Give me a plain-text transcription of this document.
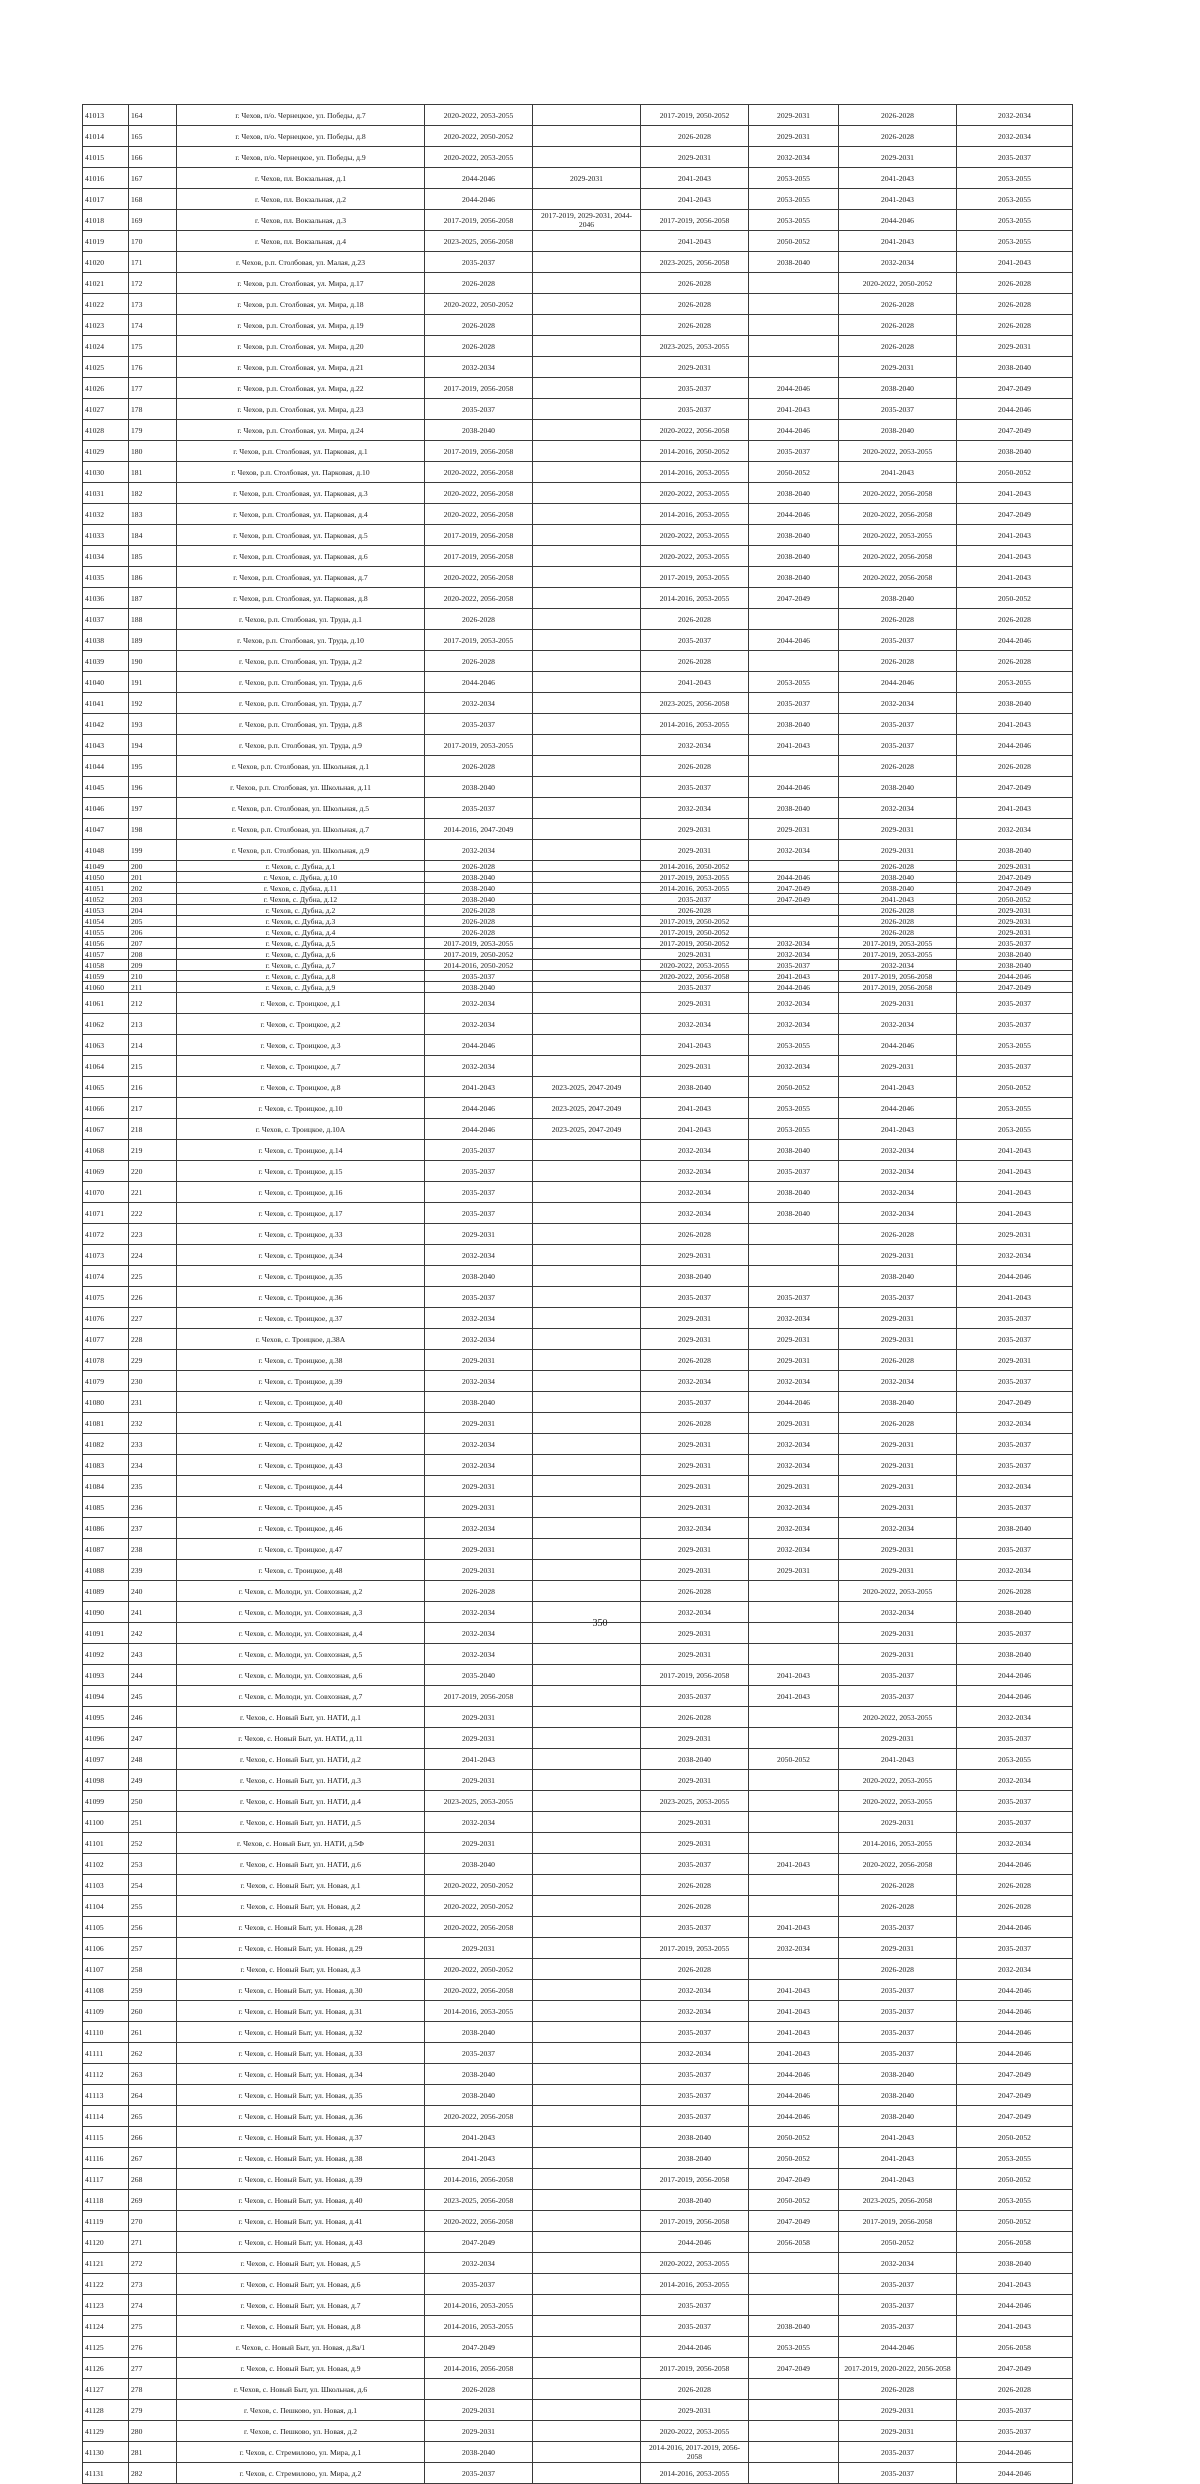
41013	164	г. Чехов, п/о. Чернецкое, ул. Победы, д.7	2020-2022, 2053-2055		2017-2019, 2050-2052	2029-2031	2026-2028	2032-2034
41014	165	г. Чехов, п/о. Чернецкое, ул. Победы, д.8	2020-2022, 2050-2052		2026-2028	2029-2031	2026-2028	2032-2034
41015	166	г. Чехов, п/о. Чернецкое, ул. Победы, д.9	2020-2022, 2053-2055		2029-2031	2032-2034	2029-2031	2035-2037
41016	167	г. Чехов, пл. Вокзальная, д.1	2044-2046	2029-2031	2041-2043	2053-2055	2041-2043	2053-2055
41017	168	г. Чехов, пл. Вокзальная, д.2	2044-2046		2041-2043	2053-2055	2041-2043	2053-2055
41018	169	г. Чехов, пл. Вокзальная, д.3	2017-2019, 2056-2058	2017-2019, 2029-2031, 2044-2046	2017-2019, 2056-2058	2053-2055	2044-2046	2053-2055
41019	170	г. Чехов, пл. Вокзальная, д.4	2023-2025, 2056-2058		2041-2043	2050-2052	2041-2043	2053-2055
41020	171	г. Чехов, р.п. Столбовая, ул. Малая, д.23	2035-2037		2023-2025, 2056-2058	2038-2040	2032-2034	2041-2043
41021	172	г. Чехов, р.п. Столбовая, ул. Мира, д.17	2026-2028		2026-2028		2020-2022, 2050-2052	2026-2028
41022	173	г. Чехов, р.п. Столбовая, ул. Мира, д.18	2020-2022, 2050-2052		2026-2028		2026-2028	2026-2028
41023	174	г. Чехов, р.п. Столбовая, ул. Мира, д.19	2026-2028		2026-2028		2026-2028	2026-2028
41024	175	г. Чехов, р.п. Столбовая, ул. Мира, д.20	2026-2028		2023-2025, 2053-2055		2026-2028	2029-2031
41025	176	г. Чехов, р.п. Столбовая, ул. Мира, д.21	2032-2034		2029-2031		2029-2031	2038-2040
41026	177	г. Чехов, р.п. Столбовая, ул. Мира, д.22	2017-2019, 2056-2058		2035-2037	2044-2046	2038-2040	2047-2049
41027	178	г. Чехов, р.п. Столбовая, ул. Мира, д.23	2035-2037		2035-2037	2041-2043	2035-2037	2044-2046
41028	179	г. Чехов, р.п. Столбовая, ул. Мира, д.24	2038-2040		2020-2022, 2056-2058	2044-2046	2038-2040	2047-2049
41029	180	г. Чехов, р.п. Столбовая, ул. Парковая, д.1	2017-2019, 2056-2058		2014-2016, 2050-2052	2035-2037	2020-2022, 2053-2055	2038-2040
41030	181	г. Чехов, р.п. Столбовая, ул. Парковая, д.10	2020-2022, 2056-2058		2014-2016, 2053-2055	2050-2052	2041-2043	2050-2052
41031	182	г. Чехов, р.п. Столбовая, ул. Парковая, д.3	2020-2022, 2056-2058		2020-2022, 2053-2055	2038-2040	2020-2022, 2056-2058	2041-2043
41032	183	г. Чехов, р.п. Столбовая, ул. Парковая, д.4	2020-2022, 2056-2058		2014-2016, 2053-2055	2044-2046	2020-2022, 2056-2058	2047-2049
41033	184	г. Чехов, р.п. Столбовая, ул. Парковая, д.5	2017-2019, 2056-2058		2020-2022, 2053-2055	2038-2040	2020-2022, 2053-2055	2041-2043
41034	185	г. Чехов, р.п. Столбовая, ул. Парковая, д.6	2017-2019, 2056-2058		2020-2022, 2053-2055	2038-2040	2020-2022, 2056-2058	2041-2043
41035	186	г. Чехов, р.п. Столбовая, ул. Парковая, д.7	2020-2022, 2056-2058		2017-2019, 2053-2055	2038-2040	2020-2022, 2056-2058	2041-2043
41036	187	г. Чехов, р.п. Столбовая, ул. Парковая, д.8	2020-2022, 2056-2058		2014-2016, 2053-2055	2047-2049	2038-2040	2050-2052
41037	188	г. Чехов, р.п. Столбовая, ул. Труда, д.1	2026-2028		2026-2028		2026-2028	2026-2028
41038	189	г. Чехов, р.п. Столбовая, ул. Труда, д.10	2017-2019, 2053-2055		2035-2037	2044-2046	2035-2037	2044-2046
41039	190	г. Чехов, р.п. Столбовая, ул. Труда, д.2	2026-2028		2026-2028		2026-2028	2026-2028
41040	191	г. Чехов, р.п. Столбовая, ул. Труда, д.6	2044-2046		2041-2043	2053-2055	2044-2046	2053-2055
41041	192	г. Чехов, р.п. Столбовая, ул. Труда, д.7	2032-2034		2023-2025, 2056-2058	2035-2037	2032-2034	2038-2040
41042	193	г. Чехов, р.п. Столбовая, ул. Труда, д.8	2035-2037		2014-2016, 2053-2055	2038-2040	2035-2037	2041-2043
41043	194	г. Чехов, р.п. Столбовая, ул. Труда, д.9	2017-2019, 2053-2055		2032-2034	2041-2043	2035-2037	2044-2046
41044	195	г. Чехов, р.п. Столбовая, ул. Школьная, д.1	2026-2028		2026-2028		2026-2028	2026-2028
41045	196	г. Чехов, р.п. Столбовая, ул. Школьная, д.11	2038-2040		2035-2037	2044-2046	2038-2040	2047-2049
41046	197	г. Чехов, р.п. Столбовая, ул. Школьная, д.5	2035-2037		2032-2034	2038-2040	2032-2034	2041-2043
41047	198	г. Чехов, р.п. Столбовая, ул. Школьная, д.7	2014-2016, 2047-2049		2029-2031	2029-2031	2029-2031	2032-2034
41048	199	г. Чехов, р.п. Столбовая, ул. Школьная, д.9	2032-2034		2029-2031	2032-2034	2029-2031	2038-2040
41049	200	г. Чехов, с. Дубна, д.1	2026-2028		2014-2016, 2050-2052		2026-2028	2029-2031
41050	201	г. Чехов, с. Дубна, д.10	2038-2040		2017-2019, 2053-2055	2044-2046	2038-2040	2047-2049
41051	202	г. Чехов, с. Дубна, д.11	2038-2040		2014-2016, 2053-2055	2047-2049	2038-2040	2047-2049
41052	203	г. Чехов, с. Дубна, д.12	2038-2040		2035-2037	2047-2049	2041-2043	2050-2052
41053	204	г. Чехов, с. Дубна, д.2	2026-2028		2026-2028		2026-2028	2029-2031
41054	205	г. Чехов, с. Дубна, д.3	2026-2028		2017-2019, 2050-2052		2026-2028	2029-2031
41055	206	г. Чехов, с. Дубна, д.4	2026-2028		2017-2019, 2050-2052		2026-2028	2029-2031
41056	207	г. Чехов, с. Дубна, д.5	2017-2019, 2053-2055		2017-2019, 2050-2052	2032-2034	2017-2019, 2053-2055	2035-2037
41057	208	г. Чехов, с. Дубна, д.6	2017-2019, 2050-2052		2029-2031	2032-2034	2017-2019, 2053-2055	2038-2040
41058	209	г. Чехов, с. Дубна, д.7	2014-2016, 2050-2052		2020-2022, 2053-2055	2035-2037	2032-2034	2038-2040
41059	210	г. Чехов, с. Дубна, д.8	2035-2037		2020-2022, 2056-2058	2041-2043	2017-2019, 2056-2058	2044-2046
41060	211	г. Чехов, с. Дубна, д.9	2038-2040		2035-2037	2044-2046	2017-2019, 2056-2058	2047-2049
41061	212	г. Чехов, с. Троицкое, д.1	2032-2034		2029-2031	2032-2034	2029-2031	2035-2037
41062	213	г. Чехов, с. Троицкое, д.2	2032-2034		2032-2034	2032-2034	2032-2034	2035-2037
41063	214	г. Чехов, с. Троицкое, д.3	2044-2046		2041-2043	2053-2055	2044-2046	2053-2055
41064	215	г. Чехов, с. Троицкое, д.7	2032-2034		2029-2031	2032-2034	2029-2031	2035-2037
41065	216	г. Чехов, с. Троицкое, д.8	2041-2043	2023-2025, 2047-2049	2038-2040	2050-2052	2041-2043	2050-2052
41066	217	г. Чехов, с. Троицкое, д.10	2044-2046	2023-2025, 2047-2049	2041-2043	2053-2055	2044-2046	2053-2055
41067	218	г. Чехов, с. Троицкое, д.10А	2044-2046	2023-2025, 2047-2049	2041-2043	2053-2055	2041-2043	2053-2055
41068	219	г. Чехов, с. Троицкое, д.14	2035-2037		2032-2034	2038-2040	2032-2034	2041-2043
41069	220	г. Чехов, с. Троицкое, д.15	2035-2037		2032-2034	2035-2037	2032-2034	2041-2043
41070	221	г. Чехов, с. Троицкое, д.16	2035-2037		2032-2034	2038-2040	2032-2034	2041-2043
41071	222	г. Чехов, с. Троицкое, д.17	2035-2037		2032-2034	2038-2040	2032-2034	2041-2043
41072	223	г. Чехов, с. Троицкое, д.33	2029-2031		2026-2028		2026-2028	2029-2031
41073	224	г. Чехов, с. Троицкое, д.34	2032-2034		2029-2031		2029-2031	2032-2034
41074	225	г. Чехов, с. Троицкое, д.35	2038-2040		2038-2040		2038-2040	2044-2046
41075	226	г. Чехов, с. Троицкое, д.36	2035-2037		2035-2037	2035-2037	2035-2037	2041-2043
41076	227	г. Чехов, с. Троицкое, д.37	2032-2034		2029-2031	2032-2034	2029-2031	2035-2037
41077	228	г. Чехов, с. Троицкое, д.38А	2032-2034		2029-2031	2029-2031	2029-2031	2035-2037
41078	229	г. Чехов, с. Троицкое, д.38	2029-2031		2026-2028	2029-2031	2026-2028	2029-2031
41079	230	г. Чехов, с. Троицкое, д.39	2032-2034		2032-2034	2032-2034	2032-2034	2035-2037
41080	231	г. Чехов, с. Троицкое, д.40	2038-2040		2035-2037	2044-2046	2038-2040	2047-2049
41081	232	г. Чехов, с. Троицкое, д.41	2029-2031		2026-2028	2029-2031	2026-2028	2032-2034
41082	233	г. Чехов, с. Троицкое, д.42	2032-2034		2029-2031	2032-2034	2029-2031	2035-2037
41083	234	г. Чехов, с. Троицкое, д.43	2032-2034		2029-2031	2032-2034	2029-2031	2035-2037
41084	235	г. Чехов, с. Троицкое, д.44	2029-2031		2029-2031	2029-2031	2029-2031	2032-2034
41085	236	г. Чехов, с. Троицкое, д.45	2029-2031		2029-2031	2032-2034	2029-2031	2035-2037
41086	237	г. Чехов, с. Троицкое, д.46	2032-2034		2032-2034	2032-2034	2032-2034	2038-2040
41087	238	г. Чехов, с. Троицкое, д.47	2029-2031		2029-2031	2032-2034	2029-2031	2035-2037
41088	239	г. Чехов, с. Троицкое, д.48	2029-2031		2029-2031	2029-2031	2029-2031	2032-2034
41089	240	г. Чехов, с. Молоди, ул. Совхозная, д.2	2026-2028		2026-2028		2020-2022, 2053-2055	2026-2028
41090	241	г. Чехов, с. Молоди, ул. Совхозная, д.3	2032-2034		2032-2034		2032-2034	2038-2040
41091	242	г. Чехов, с. Молоди, ул. Совхозная, д.4	2032-2034		2029-2031		2029-2031	2035-2037
41092	243	г. Чехов, с. Молоди, ул. Совхозная, д.5	2032-2034		2029-2031		2029-2031	2038-2040
41093	244	г. Чехов, с. Молоди, ул. Совхозная, д.6	2035-2040		2017-2019, 2056-2058	2041-2043	2035-2037	2044-2046
41094	245	г. Чехов, с. Молоди, ул. Совхозная, д.7	2017-2019, 2056-2058		2035-2037	2041-2043	2035-2037	2044-2046
41095	246	г. Чехов, с. Новый Быт, ул. НАТИ, д.1	2029-2031		2026-2028		2020-2022, 2053-2055	2032-2034
41096	247	г. Чехов, с. Новый Быт, ул. НАТИ, д.11	2029-2031		2029-2031		2029-2031	2035-2037
41097	248	г. Чехов, с. Новый Быт, ул. НАТИ, д.2	2041-2043		2038-2040	2050-2052	2041-2043	2053-2055
41098	249	г. Чехов, с. Новый Быт, ул. НАТИ, д.3	2029-2031		2029-2031		2020-2022, 2053-2055	2032-2034
41099	250	г. Чехов, с. Новый Быт, ул. НАТИ, д.4	2023-2025, 2053-2055		2023-2025, 2053-2055		2020-2022, 2053-2055	2035-2037
41100	251	г. Чехов, с. Новый Быт, ул. НАТИ, д.5	2032-2034		2029-2031		2029-2031	2035-2037
41101	252	г. Чехов, с. Новый Быт, ул. НАТИ, д.5Ф	2029-2031		2029-2031		2014-2016, 2053-2055	2032-2034
41102	253	г. Чехов, с. Новый Быт, ул. НАТИ, д.6	2038-2040		2035-2037	2041-2043	2020-2022, 2056-2058	2044-2046
41103	254	г. Чехов, с. Новый Быт, ул. Новая, д.1	2020-2022, 2050-2052		2026-2028		2026-2028	2026-2028
41104	255	г. Чехов, с. Новый Быт, ул. Новая, д.2	2020-2022, 2050-2052		2026-2028		2026-2028	2026-2028
41105	256	г. Чехов, с. Новый Быт, ул. Новая, д.28	2020-2022, 2056-2058		2035-2037	2041-2043	2035-2037	2044-2046
41106	257	г. Чехов, с. Новый Быт, ул. Новая, д.29	2029-2031		2017-2019, 2053-2055	2032-2034	2029-2031	2035-2037
41107	258	г. Чехов, с. Новый Быт, ул. Новая, д.3	2020-2022, 2050-2052		2026-2028		2026-2028	2032-2034
41108	259	г. Чехов, с. Новый Быт, ул. Новая, д.30	2020-2022, 2056-2058		2032-2034	2041-2043	2035-2037	2044-2046
41109	260	г. Чехов, с. Новый Быт, ул. Новая, д.31	2014-2016, 2053-2055		2032-2034	2041-2043	2035-2037	2044-2046
41110	261	г. Чехов, с. Новый Быт, ул. Новая, д.32	2038-2040		2035-2037	2041-2043	2035-2037	2044-2046
41111	262	г. Чехов, с. Новый Быт, ул. Новая, д.33	2035-2037		2032-2034	2041-2043	2035-2037	2044-2046
41112	263	г. Чехов, с. Новый Быт, ул. Новая, д.34	2038-2040		2035-2037	2044-2046	2038-2040	2047-2049
41113	264	г. Чехов, с. Новый Быт, ул. Новая, д.35	2038-2040		2035-2037	2044-2046	2038-2040	2047-2049
41114	265	г. Чехов, с. Новый Быт, ул. Новая, д.36	2020-2022, 2056-2058		2035-2037	2044-2046	2038-2040	2047-2049
41115	266	г. Чехов, с. Новый Быт, ул. Новая, д.37	2041-2043		2038-2040	2050-2052	2041-2043	2050-2052
41116	267	г. Чехов, с. Новый Быт, ул. Новая, д.38	2041-2043		2038-2040	2050-2052	2041-2043	2053-2055
41117	268	г. Чехов, с. Новый Быт, ул. Новая, д.39	2014-2016, 2056-2058		2017-2019, 2056-2058	2047-2049	2041-2043	2050-2052
41118	269	г. Чехов, с. Новый Быт, ул. Новая, д.40	2023-2025, 2056-2058		2038-2040	2050-2052	2023-2025, 2056-2058	2053-2055
41119	270	г. Чехов, с. Новый Быт, ул. Новая, д.41	2020-2022, 2056-2058		2017-2019, 2056-2058	2047-2049	2017-2019, 2056-2058	2050-2052
41120	271	г. Чехов, с. Новый Быт, ул. Новая, д.43	2047-2049		2044-2046	2056-2058	2050-2052	2056-2058
41121	272	г. Чехов, с. Новый Быт, ул. Новая, д.5	2032-2034		2020-2022, 2053-2055		2032-2034	2038-2040
41122	273	г. Чехов, с. Новый Быт, ул. Новая, д.6	2035-2037		2014-2016, 2053-2055		2035-2037	2041-2043
41123	274	г. Чехов, с. Новый Быт, ул. Новая, д.7	2014-2016, 2053-2055		2035-2037		2035-2037	2044-2046
41124	275	г. Чехов, с. Новый Быт, ул. Новая, д.8	2014-2016, 2053-2055		2035-2037	2038-2040	2035-2037	2041-2043
41125	276	г. Чехов, с. Новый Быт, ул. Новая, д.8а/1	2047-2049		2044-2046	2053-2055	2044-2046	2056-2058
41126	277	г. Чехов, с. Новый Быт, ул. Новая, д.9	2014-2016, 2056-2058		2017-2019, 2056-2058	2047-2049	2017-2019, 2020-2022, 2056-2058	2047-2049
41127	278	г. Чехов, с. Новый Быт, ул. Школьная, д.6	2026-2028		2026-2028		2026-2028	2026-2028
41128	279	г. Чехов, с. Пешково, ул. Новая, д.1	2029-2031		2029-2031		2029-2031	2035-2037
41129	280	г. Чехов, с. Пешково, ул. Новая, д.2	2029-2031		2020-2022, 2053-2055		2029-2031	2035-2037
41130	281	г. Чехов, с. Стремилово, ул. Мира, д.1	2038-2040		2014-2016, 2017-2019, 2056-2058		2035-2037	2044-2046
41131	282	г. Чехов, с. Стремилово, ул. Мира, д.2	2035-2037		2014-2016, 2053-2055		2035-2037	2044-2046
350
